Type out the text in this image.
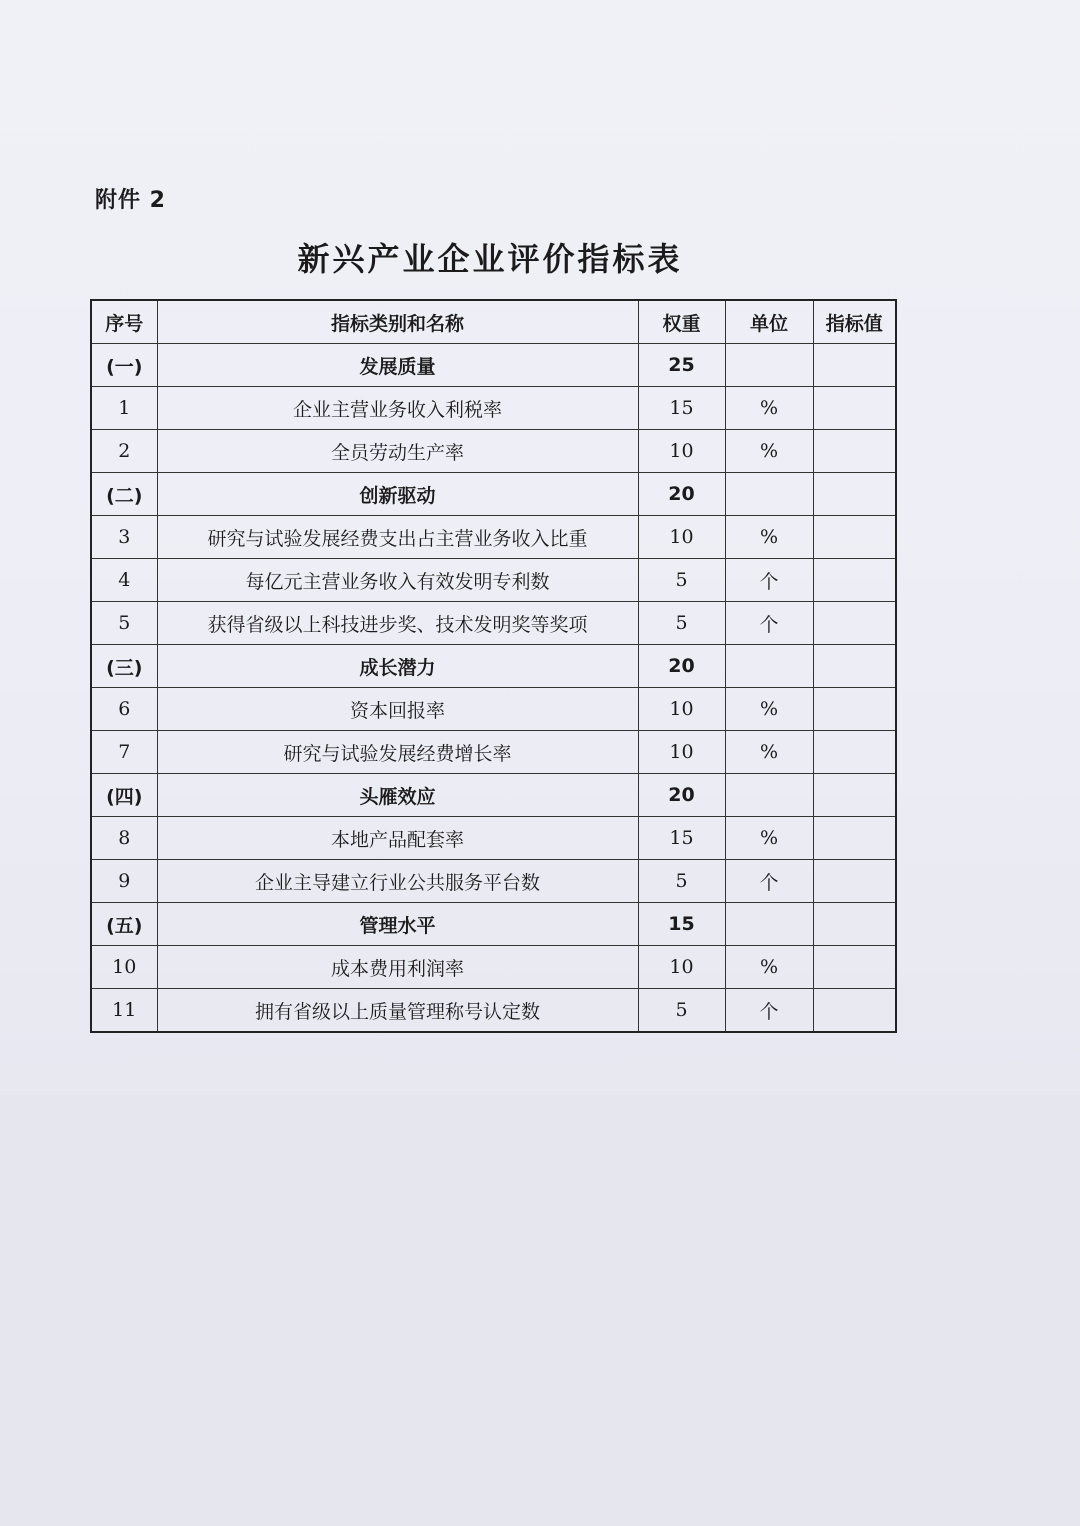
附件 2
新兴产业企业评价指标表
序号	指标类别和名称	权重	单位	指标值
(一)	发展质量	25		
1	企业主营业务收入利税率	15	%	
2	全员劳动生产率	10	%	
(二)	创新驱动	20		
3	研究与试验发展经费支出占主营业务收入比重	10	%	
4	每亿元主营业务收入有效发明专利数	5	个	
5	获得省级以上科技进步奖、技术发明奖等奖项	5	个	
(三)	成长潜力	20		
6	资本回报率	10	%	
7	研究与试验发展经费增长率	10	%	
(四)	头雁效应	20		
8	本地产品配套率	15	%	
9	企业主导建立行业公共服务平台数	5	个	
(五)	管理水平	15		
10	成本费用利润率	10	%	
11	拥有省级以上质量管理称号认定数	5	个	
